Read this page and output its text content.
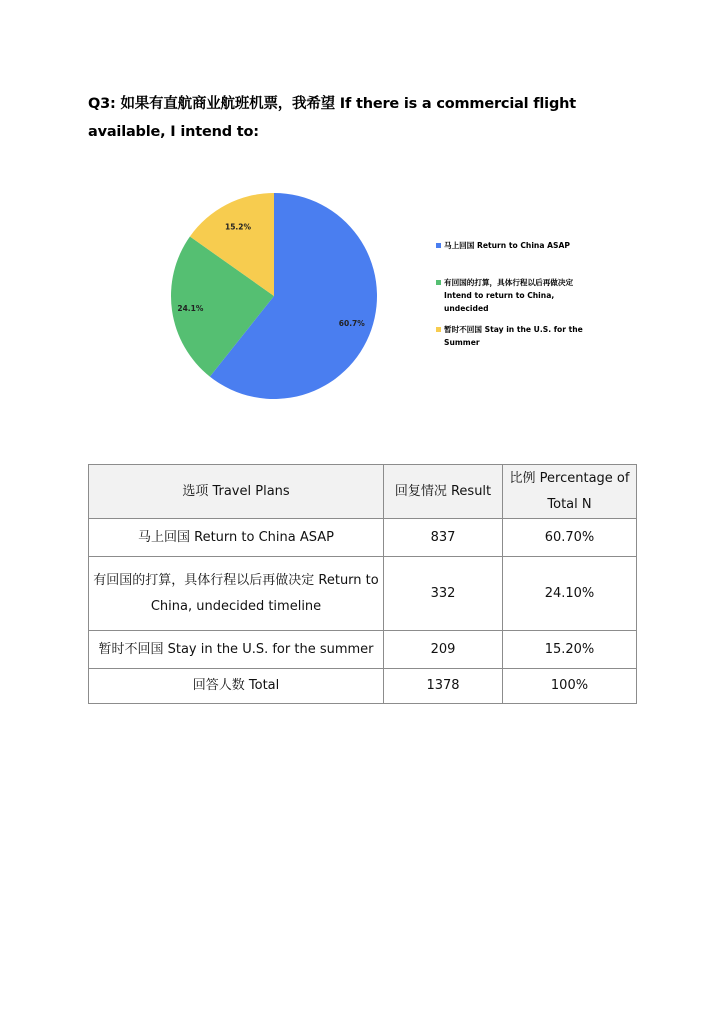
Q3: 如果有直航商业航班机票，我希望 If there is a commercial flight available, I intend to:
60.7%
24.1%
15.2%
马上回国 Return to China ASAP
有回国的打算，具体行程以后再做决定 Intend to return to China, undecided
暂时不回国 Stay in the U.S. for the Summer
选项 Travel Plans	回复情况 Result	比例 Percentage of Total N
马上回国 Return to China ASAP	837	60.70%
有回国的打算，具体行程以后再做决定 Return to China, undecided timeline	332	24.10%
暂时不回国 Stay in the U.S. for the summer	209	15.20%
回答人数 Total	1378	100%
